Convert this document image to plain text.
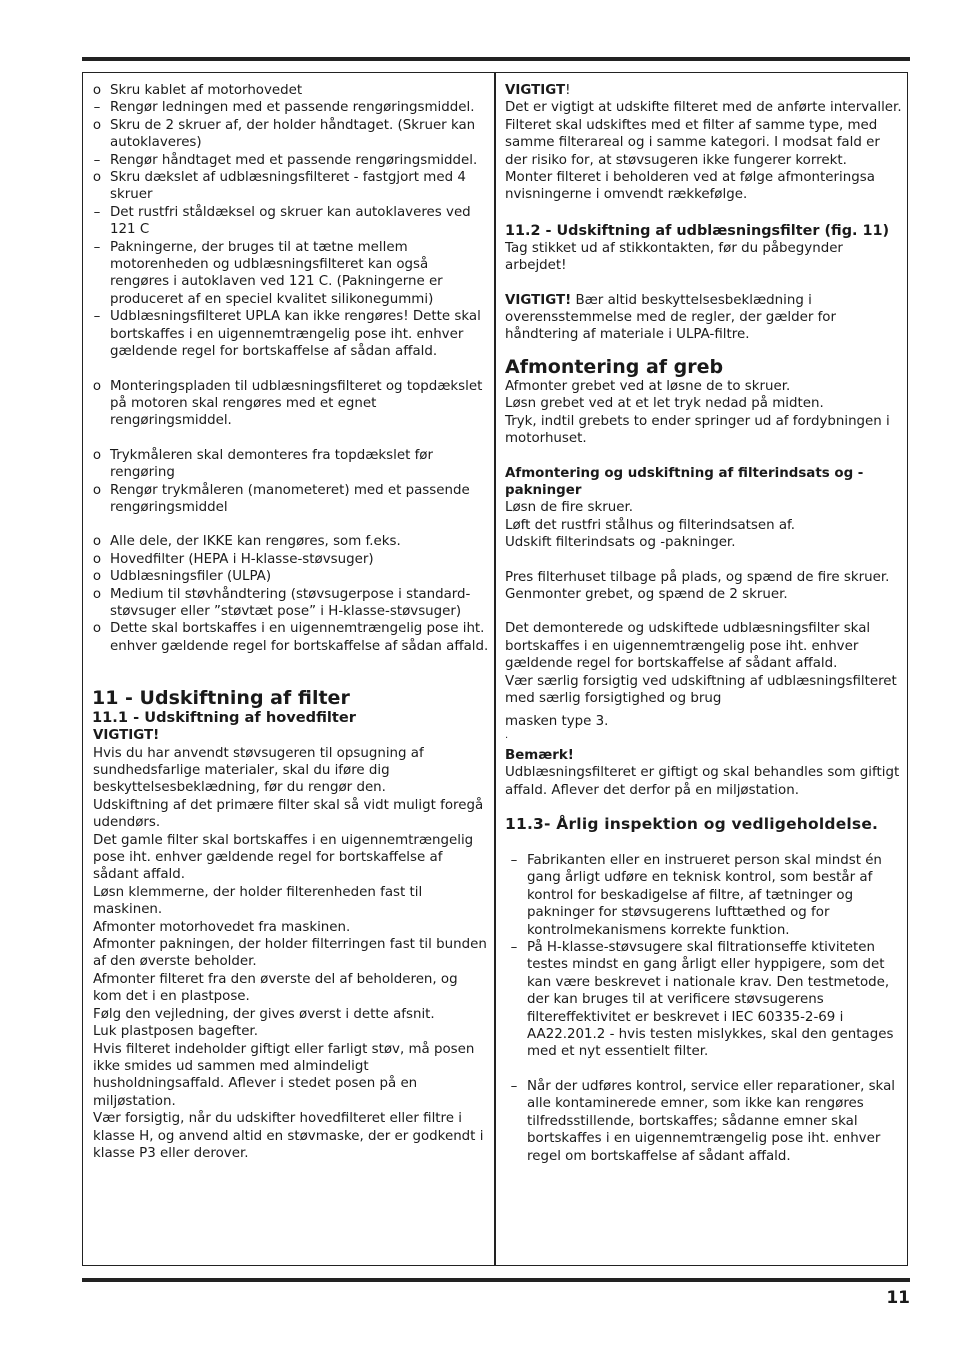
o Skru kablet af motorhovedet
– Rengør ledningen med et passende rengøringsmiddel.
o Skru de 2 skruer af, der holder håndtaget. (Skruer kan autoklaveres)
– Rengør håndtaget med et passende rengøringsmiddel.
o Skru dækslet af udblæsningsfilteret - fastgjort med 4 skruer
– Det rustfri ståldæksel og skruer kan autoklaveres ved 121 C
– Pakningerne, der bruges til at tætne mellem motorenheden og udblæsningsfilteret kan også rengøres i autoklaven ved 121 C. (Pakningerne er produceret af en speciel kvalitet silikonegummi)
– Udblæsningsfilteret UPLA kan ikke rengøres! Dette skal bortskaffes i en uigennemtrængelig pose iht. enhver gældende regel for bortskaffelse af sådan affald.
o Monteringspladen til udblæsningsfilteret og topdækslet på motoren skal rengøres med et egnet rengøringsmiddel.
o Trykmåleren skal demonteres fra topdækslet før rengøring
o Rengør trykmåleren (manometeret) med et passende rengøringsmiddel
o Alle dele, der IKKE kan rengøres, som f.eks.
o Hovedfilter (HEPA i H-klasse-støvsuger)
o Udblæsningsfiler (ULPA)
o Medium til støvhåndtering (støvsugerpose i standard-støvsuger eller ”støvtæt pose” i H-klasse-støvsuger)
o Dette skal bortskaffes i en uigennemtrængelig pose iht. enhver gældende regel for bortskaffelse af sådan affald.
11 - Udskiftning af filter
11.1 - Udskiftning af hovedfilter
VIGTIGT!

Hvis du har anvendt støvsugeren til opsugning af sundhedsfarlige materialer, skal du iføre dig beskyttelsesbeklædning, før du rengør den.

Udskiftning af det primære filter skal så vidt muligt foregå udendørs.

Det gamle filter skal bortskaffes i en uigennemtrængelig pose iht. enhver gældende regel for bortskaffelse af sådant affald.

Løsn klemmerne, der holder filterenheden fast til maskinen.

Afmonter motorhovedet fra maskinen.

Afmonter pakningen, der holder filterringen fast til bunden af den øverste beholder.

Afmonter filteret fra den øverste del af beholderen, og kom det i en plastpose.

Følg den vejledning, der gives øverst i dette afsnit.

Luk plastposen bagefter.

Hvis filteret indeholder giftigt eller farligt støv, må posen ikke smides ud sammen med almindeligt husholdningsaffald. Aflever i stedet posen på en miljøstation.

Vær forsigtig, når du udskifter hovedfilteret eller filtre i klasse H, og anvend altid en støvmaske, der er godkendt i klasse P3 eller derover.

VIGTIGT!

Det er vigtigt at udskifte filteret med de anførte intervaller.

Filteret skal udskiftes med et filter af samme type, med samme filterareal og i samme kategori. I modsat fald er der risiko for, at støvsugeren ikke fungerer korrekt.

Monter filteret i beholderen ved at følge afmonteringsa nvisningerne i omvendt rækkefølge.

11.2 - Udskiftning af udblæsningsfilter (fig. 11)

Tag stikket ud af stikkontakten, før du påbegynder arbejdet!

VIGTIGT! Bær altid beskyttelsesbeklædning i overensstemmelse med de regler, der gælder for håndtering af materiale i ULPA-filtre.

Afmontering af greb

Afmonter grebet ved at løsne de to skruer.

Løsn grebet ved at et let tryk nedad på midten.

Tryk, indtil grebets to ender springer ud af fordybningen i motorhuset.

Afmontering og udskiftning af filterindsats og - pakninger

Løsn de fire skruer.

Løft det rustfri stålhus og filterindsatsen af.

Udskift filterindsats og -pakninger.

Pres filterhuset tilbage på plads, og spænd de fire skruer.

Genmonter grebet, og spænd de 2 skruer.

Det demonterede og udskiftede udblæsningsfilter skal bortskaffes i en uigennemtrængelig pose iht. enhver gældende regel for bortskaffelse af sådant affald.

Vær særlig forsigtig ved udskiftning af udblæsningsfilteret med særlig forsigtighed og brug

masken type 3.

.

Bemærk!

Udblæsningsfilteret er giftigt og skal behandles som giftigt affald. Aflever det derfor på en miljøstation.

11.3- Årlig inspektion og vedligeholdelse.
– Fabrikanten eller en instrueret person skal mindst én gang årligt udføre en teknisk kontrol, som består af kontrol for beskadigelse af filtre, af tætninger og pakninger for støvsugerens lufttæthed og for kontrolmekanismens korrekte funktion.
– På H-klasse-støvsugere skal filtrationseffe ktiviteten testes mindst en gang årligt eller hyppigere, som det kan være beskrevet i nationale krav. Den testmetode, der kan bruges til at verificere støvsugerens filtereffektivitet er beskrevet i IEC 60335-2-69 i AA22.201.2 - hvis testen mislykkes, skal den gentages med et nyt essentielt filter.
– Når der udføres kontrol, service eller reparationer, skal alle kontaminerede emner, som ikke kan rengøres tilfredsstillende, bortskaffes; sådanne emner skal bortskaffes i en uigennemtrængelig pose iht. enhver regel om bortskaffelse af sådant affald.
11
